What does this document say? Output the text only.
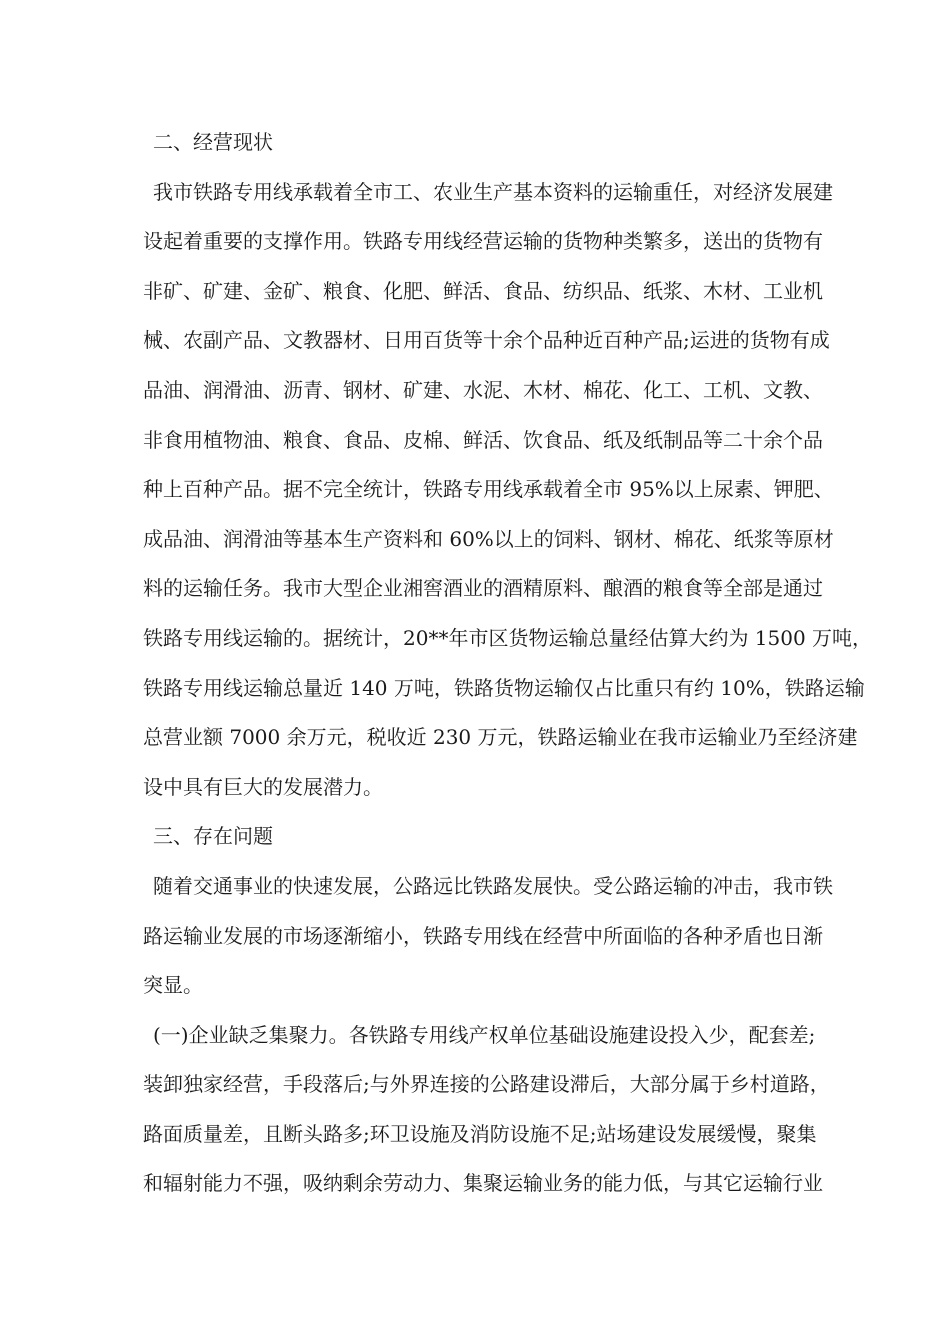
二、经营现状
我市铁路专用线承载着全市工、农业生产基本资料的运输重任，对经济发展建
设起着重要的支撑作用。铁路专用线经营运输的货物种类繁多，送出的货物有
非矿、矿建、金矿、粮食、化肥、鲜活、食品、纺织品、纸浆、木材、工业机
械、农副产品、文教器材、日用百货等十余个品种近百种产品;运进的货物有成
品油、润滑油、沥青、钢材、矿建、水泥、木材、棉花、化工、工机、文教、
非食用植物油、粮食、食品、皮棉、鲜活、饮食品、纸及纸制品等二十余个品
种上百种产品。据不完全统计，铁路专用线承载着全市 95%以上尿素、钾肥、
成品油、润滑油等基本生产资料和 60%以上的饲料、钢材、棉花、纸浆等原材
料的运输任务。我市大型企业湘窖酒业的酒精原料、酿酒的粮食等全部是通过
铁路专用线运输的。据统计，20**年市区货物运输总量经估算大约为 1500 万吨，
铁路专用线运输总量近 140 万吨，铁路货物运输仅占比重只有约 10%，铁路运输
总营业额 7000 余万元，税收近 230 万元，铁路运输业在我市运输业乃至经济建
设中具有巨大的发展潜力。
三、存在问题
随着交通事业的快速发展，公路远比铁路发展快。受公路运输的冲击，我市铁
路运输业发展的市场逐渐缩小，铁路专用线在经营中所面临的各种矛盾也日渐
突显。
(一)企业缺乏集聚力。各铁路专用线产权单位基础设施建设投入少，配套差;
装卸独家经营，手段落后;与外界连接的公路建设滞后，大部分属于乡村道路，
路面质量差，且断头路多;环卫设施及消防设施不足;站场建设发展缓慢，聚集
和辐射能力不强，吸纳剩余劳动力、集聚运输业务的能力低，与其它运输行业
